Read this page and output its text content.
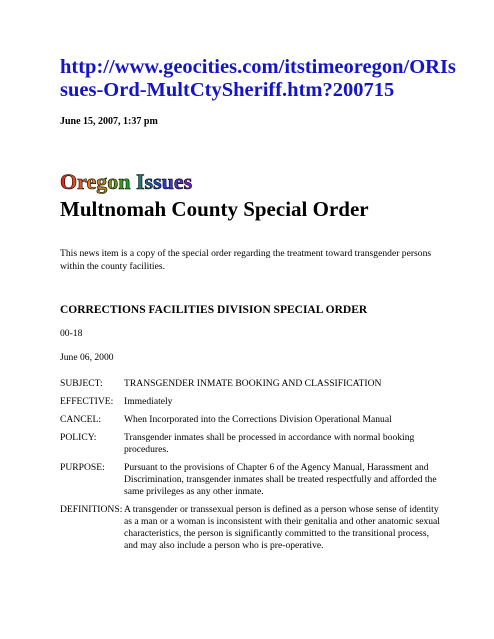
http://www.geocities.com/itstimeoregon/ORIssues-Ord-MultCtySheriff.htm?200715
June 15, 2007, 1:37 pm
Oregon Issues
Multnomah County Special Order

This news item is a copy of the special order regarding the treatment toward transgender persons within the county facilities.

CORRECTIONS FACILITIES DIVISION SPECIAL ORDER
00-18
June 06, 2000
SUBJECT:	TRANSGENDER INMATE BOOKING AND CLASSIFICATION
EFFECTIVE:	Immediately
CANCEL:	When Incorporated into the Corrections Division Operational Manual
POLICY:	Transgender inmates shall be processed in accordance with normal booking procedures.
PURPOSE:	Pursuant to the provisions of Chapter 6 of the Agency Manual, Harassment and Discrimination, transgender inmates shall be treated respectfully and afforded the same privileges as any other inmate.
DEFINITIONS: A transgender or transsexual person is defined as a person whose sense of identity as a man or a woman is inconsistent with their genitalia and other anatomic sexual characteristics, the person is significantly committed to the transitional process, and may also include a person who is pre-operative.
